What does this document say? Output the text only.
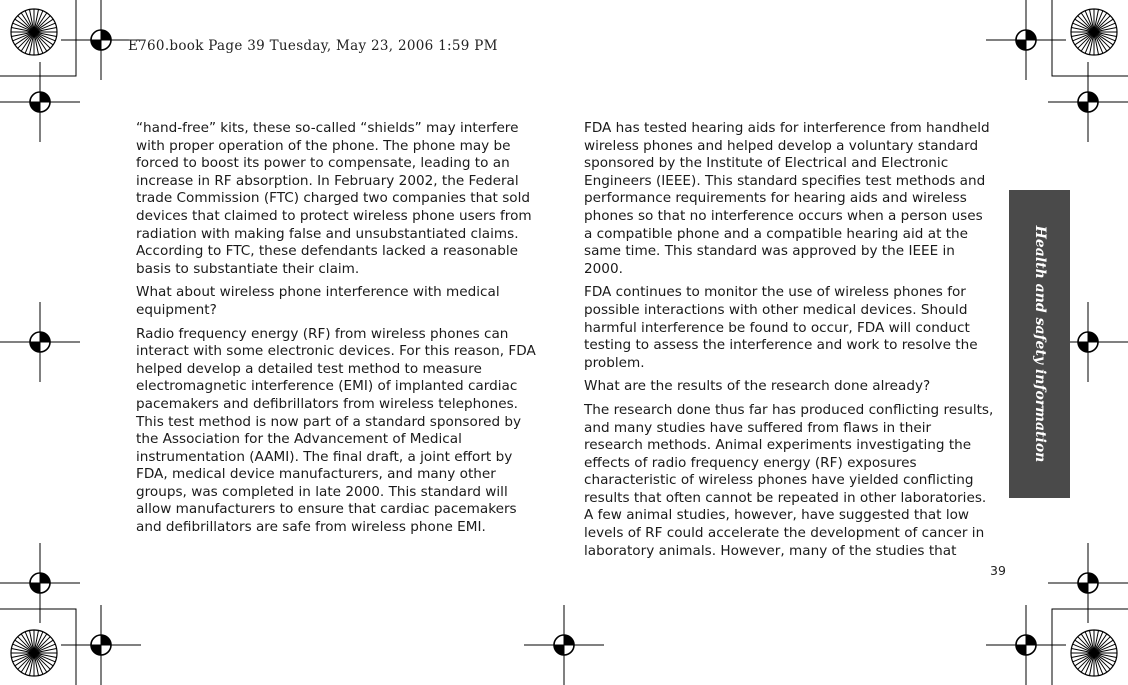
E760.book Page 39 Tuesday, May 23, 2006 1:59 PM

“hand-free” kits, these so-called “shields” may interfere with proper operation of the phone. The phone may be forced to boost its power to compensate, leading to an increase in RF absorption. In February 2002, the Federal trade Commission (FTC) charged two companies that sold devices that claimed to protect wireless phone users from radiation with making false and unsubstantiated claims. According to FTC, these defendants lacked a reasonable basis to substantiate their claim.

What about wireless phone interference with medical equipment?

Radio frequency energy (RF) from wireless phones can interact with some electronic devices. For this reason, FDA helped develop a detailed test method to measure electromagnetic interference (EMI) of implanted cardiac pacemakers and defibrillators from wireless telephones. This test method is now part of a standard sponsored by the Association for the Advancement of Medical instrumentation (AAMI). The final draft, a joint effort by FDA, medical device manufacturers, and many other groups, was completed in late 2000. This standard will allow manufacturers to ensure that cardiac pacemakers and defibrillators are safe from wireless phone EMI.

FDA has tested hearing aids for interference from handheld wireless phones and helped develop a voluntary standard sponsored by the Institute of Electrical and Electronic Engineers (IEEE). This standard specifies test methods and performance requirements for hearing aids and wireless phones so that no interference occurs when a person uses a compatible phone and a compatible hearing aid at the same time. This standard was approved by the IEEE in 2000.

FDA continues to monitor the use of wireless phones for possible interactions with other medical devices. Should harmful interference be found to occur, FDA will conduct testing to assess the interference and work to resolve the problem.

What are the results of the research done already?

The research done thus far has produced conflicting results, and many studies have suffered from flaws in their research methods. Animal experiments investigating the effects of radio frequency energy (RF) exposures characteristic of wireless phones have yielded conflicting results that often cannot be repeated in other laboratories. A few animal studies, however, have suggested that low levels of RF could accelerate the development of cancer in laboratory animals. However, many of the studies that

Health and safety information
39
